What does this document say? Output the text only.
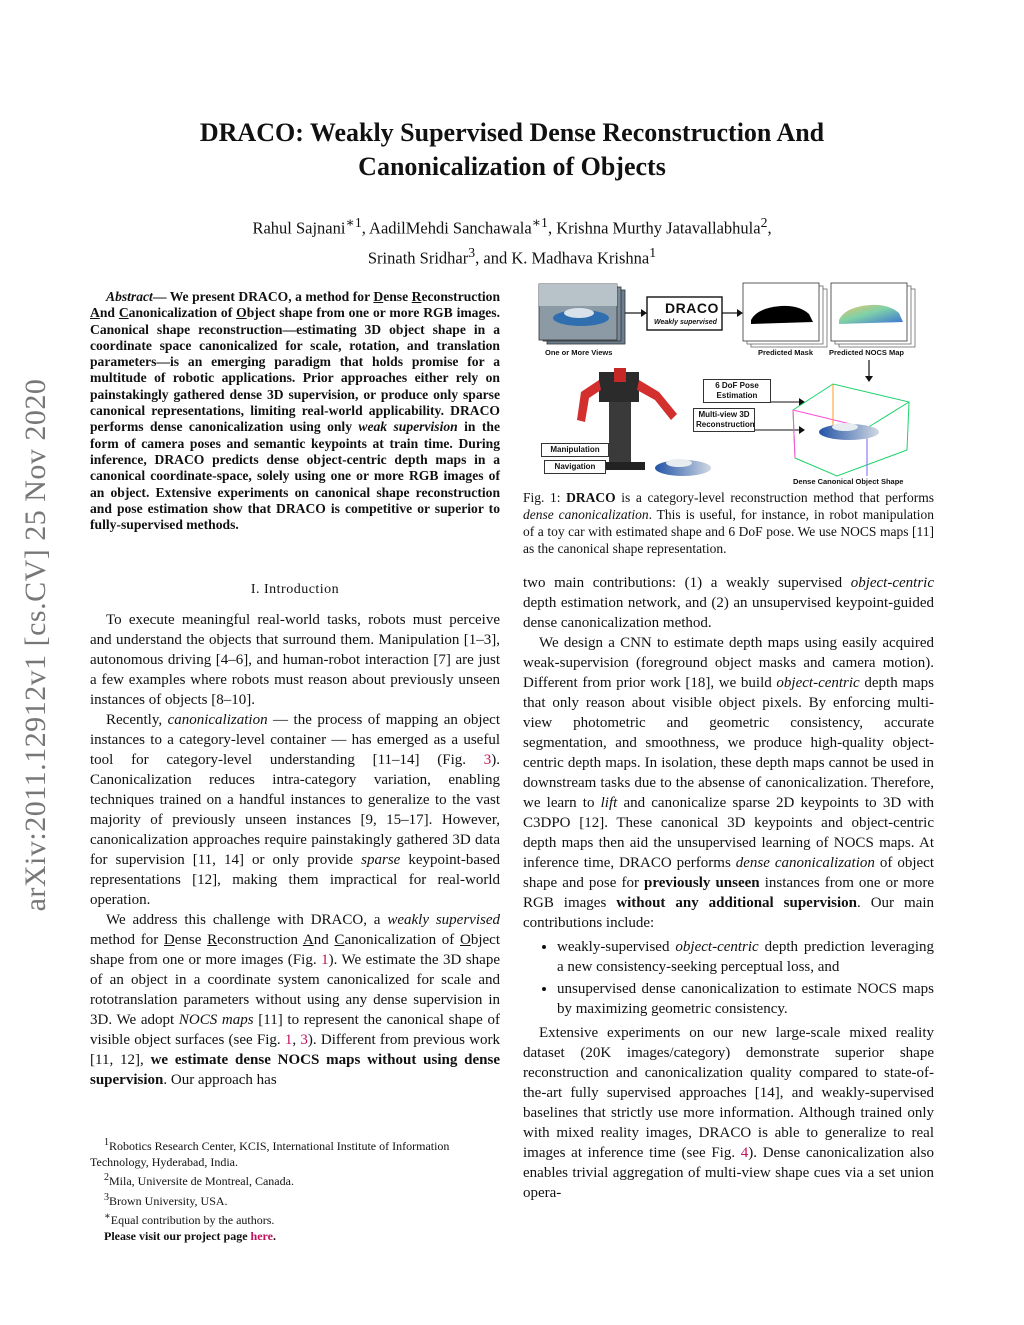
arXiv:2011.12912v1 [cs.CV] 25 Nov 2020
DRACO: Weakly Supervised Dense Reconstruction And
Canonicalization of Objects
Rahul Sajnani$^{∗1}$, AadilMehdi Sanchawala$^{∗1}$, Krishna Murthy Jatavallabhula$^2$,
Srinath Sridhar$^3$, and K. Madhava Krishna$^1$
Abstract— We present DRACO, a method for Dense Reconstruction And Canonicalization of Object shape from one or more RGB images. Canonical shape reconstruction—estimating 3D object shape in a coordinate space canonicalized for scale, rotation, and translation parameters—is an emerging paradigm that holds promise for a multitude of robotic applications. Prior approaches either rely on painstakingly gathered dense 3D supervision, or produce only sparse canonical representations, limiting real-world applicability. DRACO performs dense canonicalization using only weak supervision in the form of camera poses and semantic keypoints at train time. During inference, DRACO predicts dense object-centric depth maps in a canonical coordinate-space, solely using one or more RGB images of an object. Extensive experiments on canonical shape reconstruction and pose estimation show that DRACO is competitive or superior to fully-supervised methods.

I. Introduction

To execute meaningful real-world tasks, robots must perceive and understand the objects that surround them. Manipulation [1–3], autonomous driving [4–6], and human-robot interaction [7] are just a few examples where robots must reason about previously unseen instances of objects [8–10].

Recently, canonicalization — the process of mapping an object instances to a category-level container — has emerged as a useful tool for category-level understanding [11–14] (Fig. 3). Canonicalization reduces intra-category variation, enabling techniques trained on a handful instances to generalize to the vast majority of previously unseen instances [9, 15–17]. However, canonicalization approaches require painstakingly gathered 3D data for supervision [11, 14] or only provide sparse keypoint-based representations [12], making them impractical for real-world operation.

We address this challenge with DRACO, a weakly supervised method for Dense Reconstruction And Canonicalization of Object shape from one or more images (Fig. 1). We estimate the 3D shape of an object in a coordinate system canonicalized for scale and rototranslation parameters without using any dense supervision in 3D. We adopt NOCS maps [11] to represent the canonical shape of visible object surfaces (see Fig. 1, 3). Different from previous work [11, 12], we estimate dense NOCS maps without using dense supervision. Our approach has

$^1$Robotics Research Center, KCIS, International Institute of Information Technology, Hyderabad, India.
$^2$Mila, Universite de Montreal, Canada.
$^3$Brown University, USA.
∗Equal contribution by the authors.
Please visit our project page here.
DRACO
Weakly supervised
One or More Views	Predicted Mask Predicted NOCS Map
6 DoF Pose Estimation
Multi-view 3D Reconstruction
Manipulation
Navigation
Dense Canonical Object Shape
Fig. 1: DRACO is a category-level reconstruction method that performs dense canonicalization. This is useful, for instance, in robot manipulation of a toy car with estimated shape and 6 DoF pose. We use NOCS maps [11] as the canonical shape representation.

two main contributions: (1) a weakly supervised object-centric depth estimation network, and (2) an unsupervised keypoint-guided dense canonicalization method.

We design a CNN to estimate depth maps using easily acquired weak-supervision (foreground object masks and camera motion). Different from prior work [18], we build object-centric depth maps that only reason about visible object pixels. By enforcing multi-view photometric and geometric consistency, accurate segmentation, and smoothness, we produce high-quality object-centric depth maps. In isolation, these depth maps cannot be used in downstream tasks due to the absense of canonicalization. Therefore, we learn to lift and canonicalize sparse 2D keypoints to 3D with C3DPO [12]. These canonical 3D keypoints and object-centric depth maps then aid the unsupervised learning of NOCS maps. At inference time, DRACO performs dense canonicalization of object shape and pose for previously unseen instances from one or more RGB images without any additional supervision. Our main contributions include:

• weakly-supervised object-centric depth prediction leveraging a new consistency-seeking perceptual loss, and
• unsupervised dense canonicalization to estimate NOCS maps by maximizing geometric consistency.

Extensive experiments on our new large-scale mixed reality dataset (20K images/category) demonstrate superior shape reconstruction and canonicalization quality compared to state-of-the-art fully supervised approaches [14], and weakly-supervised baselines that strictly use more information. Although trained only with mixed reality images, DRACO is able to generalize to real images at inference time (see Fig. 4). Dense canonicalization also enables trivial aggregation of multi-view shape cues via a set union opera-
